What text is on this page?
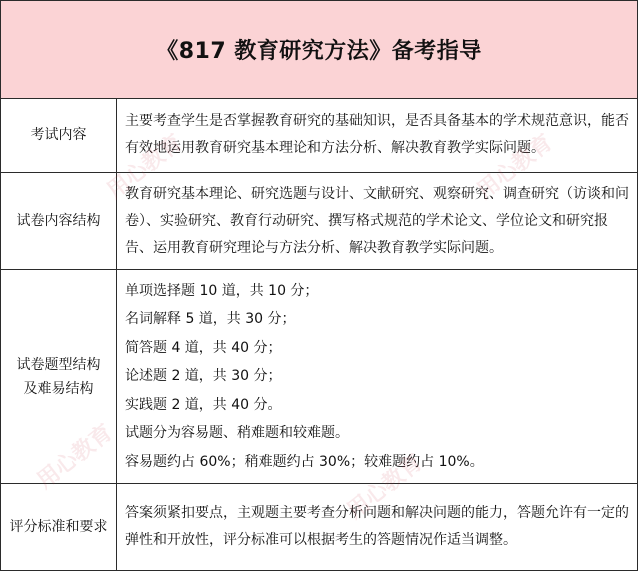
《817 教育研究方法》备考指导
考试内容

主要考查学生是否掌握教育研究的基础知识，是否具备基本的学术规范意识，能否有效地运用教育研究基本理论和方法分析、解决教育教学实际问题。

试卷内容结构

教育研究基本理论、研究选题与设计、文献研究、观察研究、调查研究（访谈和问卷）、实验研究、教育行动研究、撰写格式规范的学术论文、学位论文和研究报告、运用教育研究理论与方法分析、解决教育教学实际问题。

试卷题型结构
及难易结构

单项选择题 10 道，共 10 分；

名词解释 5 道，共 30 分；

简答题 4 道，共 40 分；

论述题 2 道，共 30 分；

实践题 2 道，共 40 分。

试题分为容易题、稍难题和较难题。

容易题约占 60%；稍难题约占 30%；较难题约占 10%。

评分标准和要求

答案须紧扣要点，主观题主要考查分析问题和解决问题的能力，答题允许有一定的弹性和开放性，评分标准可以根据考生的答题情况作适当调整。

用心教育
用心教育	用心教育
用心教育
